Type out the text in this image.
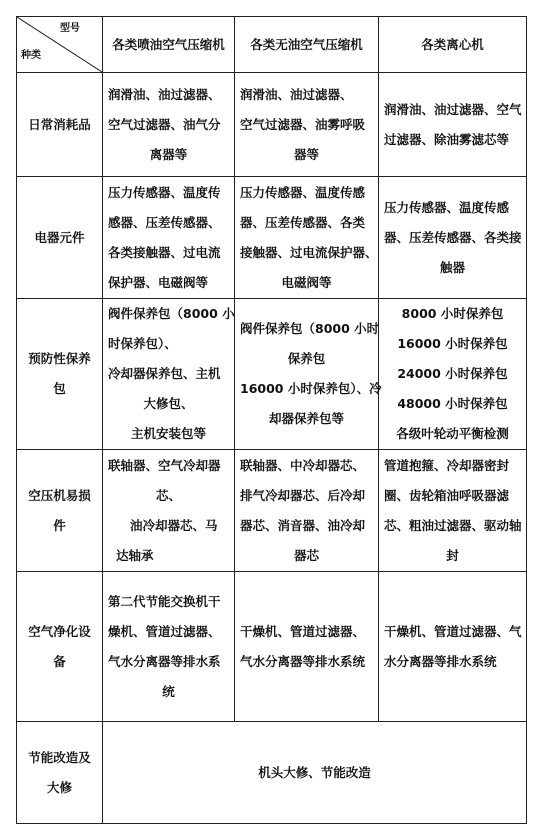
型号
种类	各类喷油空气压缩机	各类无油空气压缩机	各类离心机

日常消耗品	润滑油、油过滤器、
空气过滤器、油气分
离器等	润滑油、油过滤器、
空气过滤器、油雾呼吸
器等	润滑油、油过滤器、空气
过滤器、除油雾滤芯等

电器元件	压力传感器、温度传
感器、压差传感器、
各类接触器、过电流
保护器、电磁阀等	压力传感器、温度传感
器、压差传感器、各类
接触器、过电流保护器、
电磁阀等	压力传感器、温度传感
器、压差传感器、各类接
触器

预防性保养
包	阀件保养包（8000 小
时保养包）、
冷却器保养包、主机
大修包、
主机安装包等	阀件保养包（8000 小时
保养包
16000 小时保养包）、冷
却器保养包等	8000 小时保养包
16000 小时保养包
24000 小时保养包
48000 小时保养包
各级叶轮动平衡检测

空压机易损
件	联轴器、空气冷却器
芯、
油冷却器芯、马
达轴承	联轴器、中冷却器芯、
排气冷却器芯、后冷却
器芯、消音器、油冷却
器芯	管道抱箍、冷却器密封
圈、齿轮箱油呼吸器滤
芯、粗油过滤器、驱动轴
封

空气净化设
备	第二代节能交换机干
燥机、管道过滤器、
气水分离器等排水系
统	干燥机、管道过滤器、
气水分离器等排水系统	干燥机、管道过滤器、气
水分离器等排水系统

节能改造及
大修	机头大修、节能改造		
